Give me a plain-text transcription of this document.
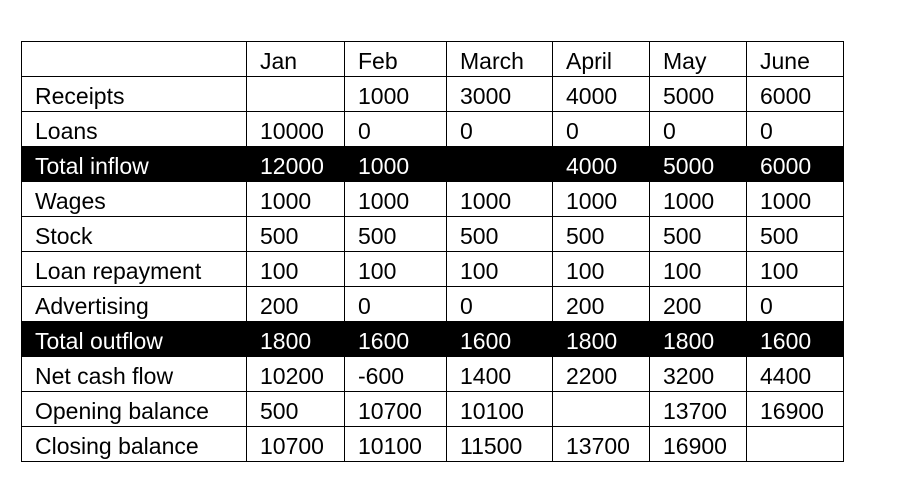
	Jan	Feb	March	April	May	June
Receipts		1000	3000	4000	5000	6000
Loans	10000	0	0	0	0	0
Total inflow	12000	1000		4000	5000	6000
Wages	1000	1000	1000	1000	1000	1000
Stock	500	500	500	500	500	500
Loan repayment	100	100	100	100	100	100
Advertising	200	0	0	200	200	0
Total outflow	1800	1600	1600	1800	1800	1600
Net cash flow	10200	-600	1400	2200	3200	4400
Opening balance	500	10700	10100		13700	16900
Closing balance	10700	10100	11500	13700	16900	
